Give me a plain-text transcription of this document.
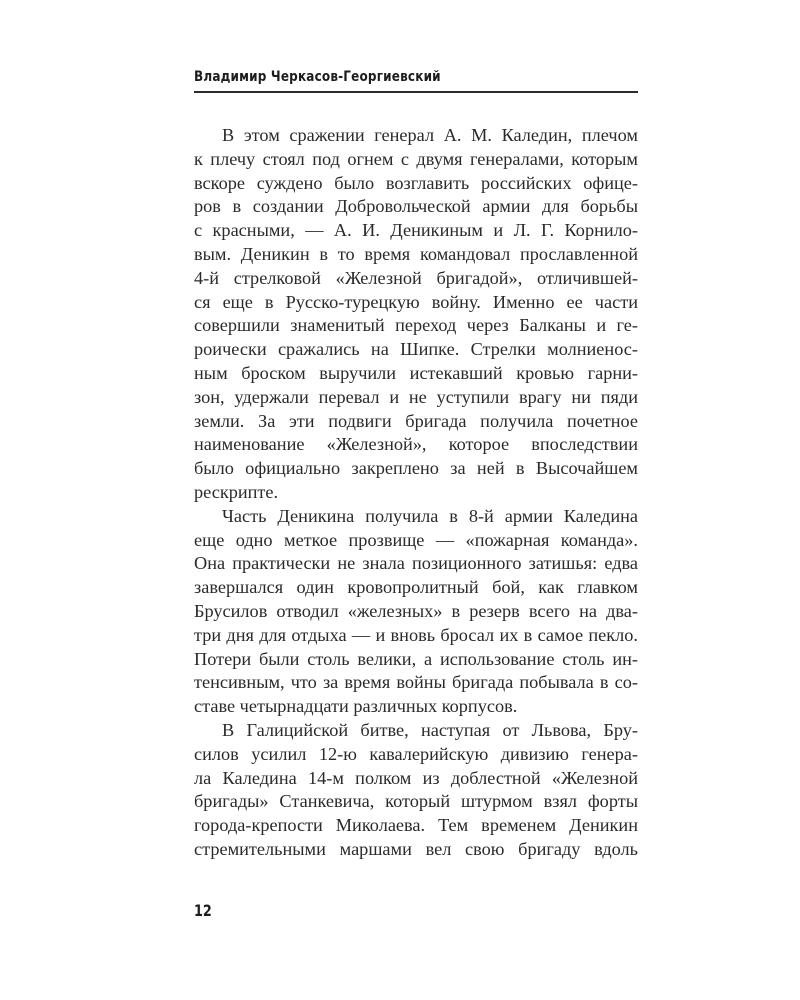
Владимир Черкасов-Георгиевский
В этом сражении генерал А. М. Каледин, плечом
к плечу стоял под огнем с двумя генералами, которым
вскоре суждено было возглавить российских офице-
ров в создании Добровольческой армии для борьбы
с красными, — А. И. Деникиным и Л. Г. Корнило-
вым. Деникин в то время командовал прославленной
4-й стрелковой «Железной бригадой», отличившей-
ся еще в Русско-турецкую войну. Именно ее части
совершили знаменитый переход через Балканы и ге-
роически сражались на Шипке. Стрелки молниенос-
ным броском выручили истекавший кровью гарни-
зон, удержали перевал и не уступили врагу ни пяди
земли. За эти подвиги бригада получила почетное
наименование «Железной», которое впоследствии
было официально закреплено за ней в Высочайшем
рескрипте.
Часть Деникина получила в 8-й армии Каледина
еще одно меткое прозвище — «пожарная команда».
Она практически не знала позиционного затишья: едва
завершался один кровопролитный бой, как главком
Брусилов отводил «железных» в резерв всего на два-
три дня для отдыха — и вновь бросал их в самое пекло.
Потери были столь велики, а использование столь ин-
тенсивным, что за время войны бригада побывала в со-
ставе четырнадцати различных корпусов.
В Галицийской битве, наступая от Львова, Бру-
силов усилил 12-ю кавалерийскую дивизию генера-
ла Каледина 14-м полком из доблестной «Железной
бригады» Станкевича, который штурмом взял форты
города-крепости Миколаева. Тем временем Деникин
стремительными маршами вел свою бригаду вдоль
12
